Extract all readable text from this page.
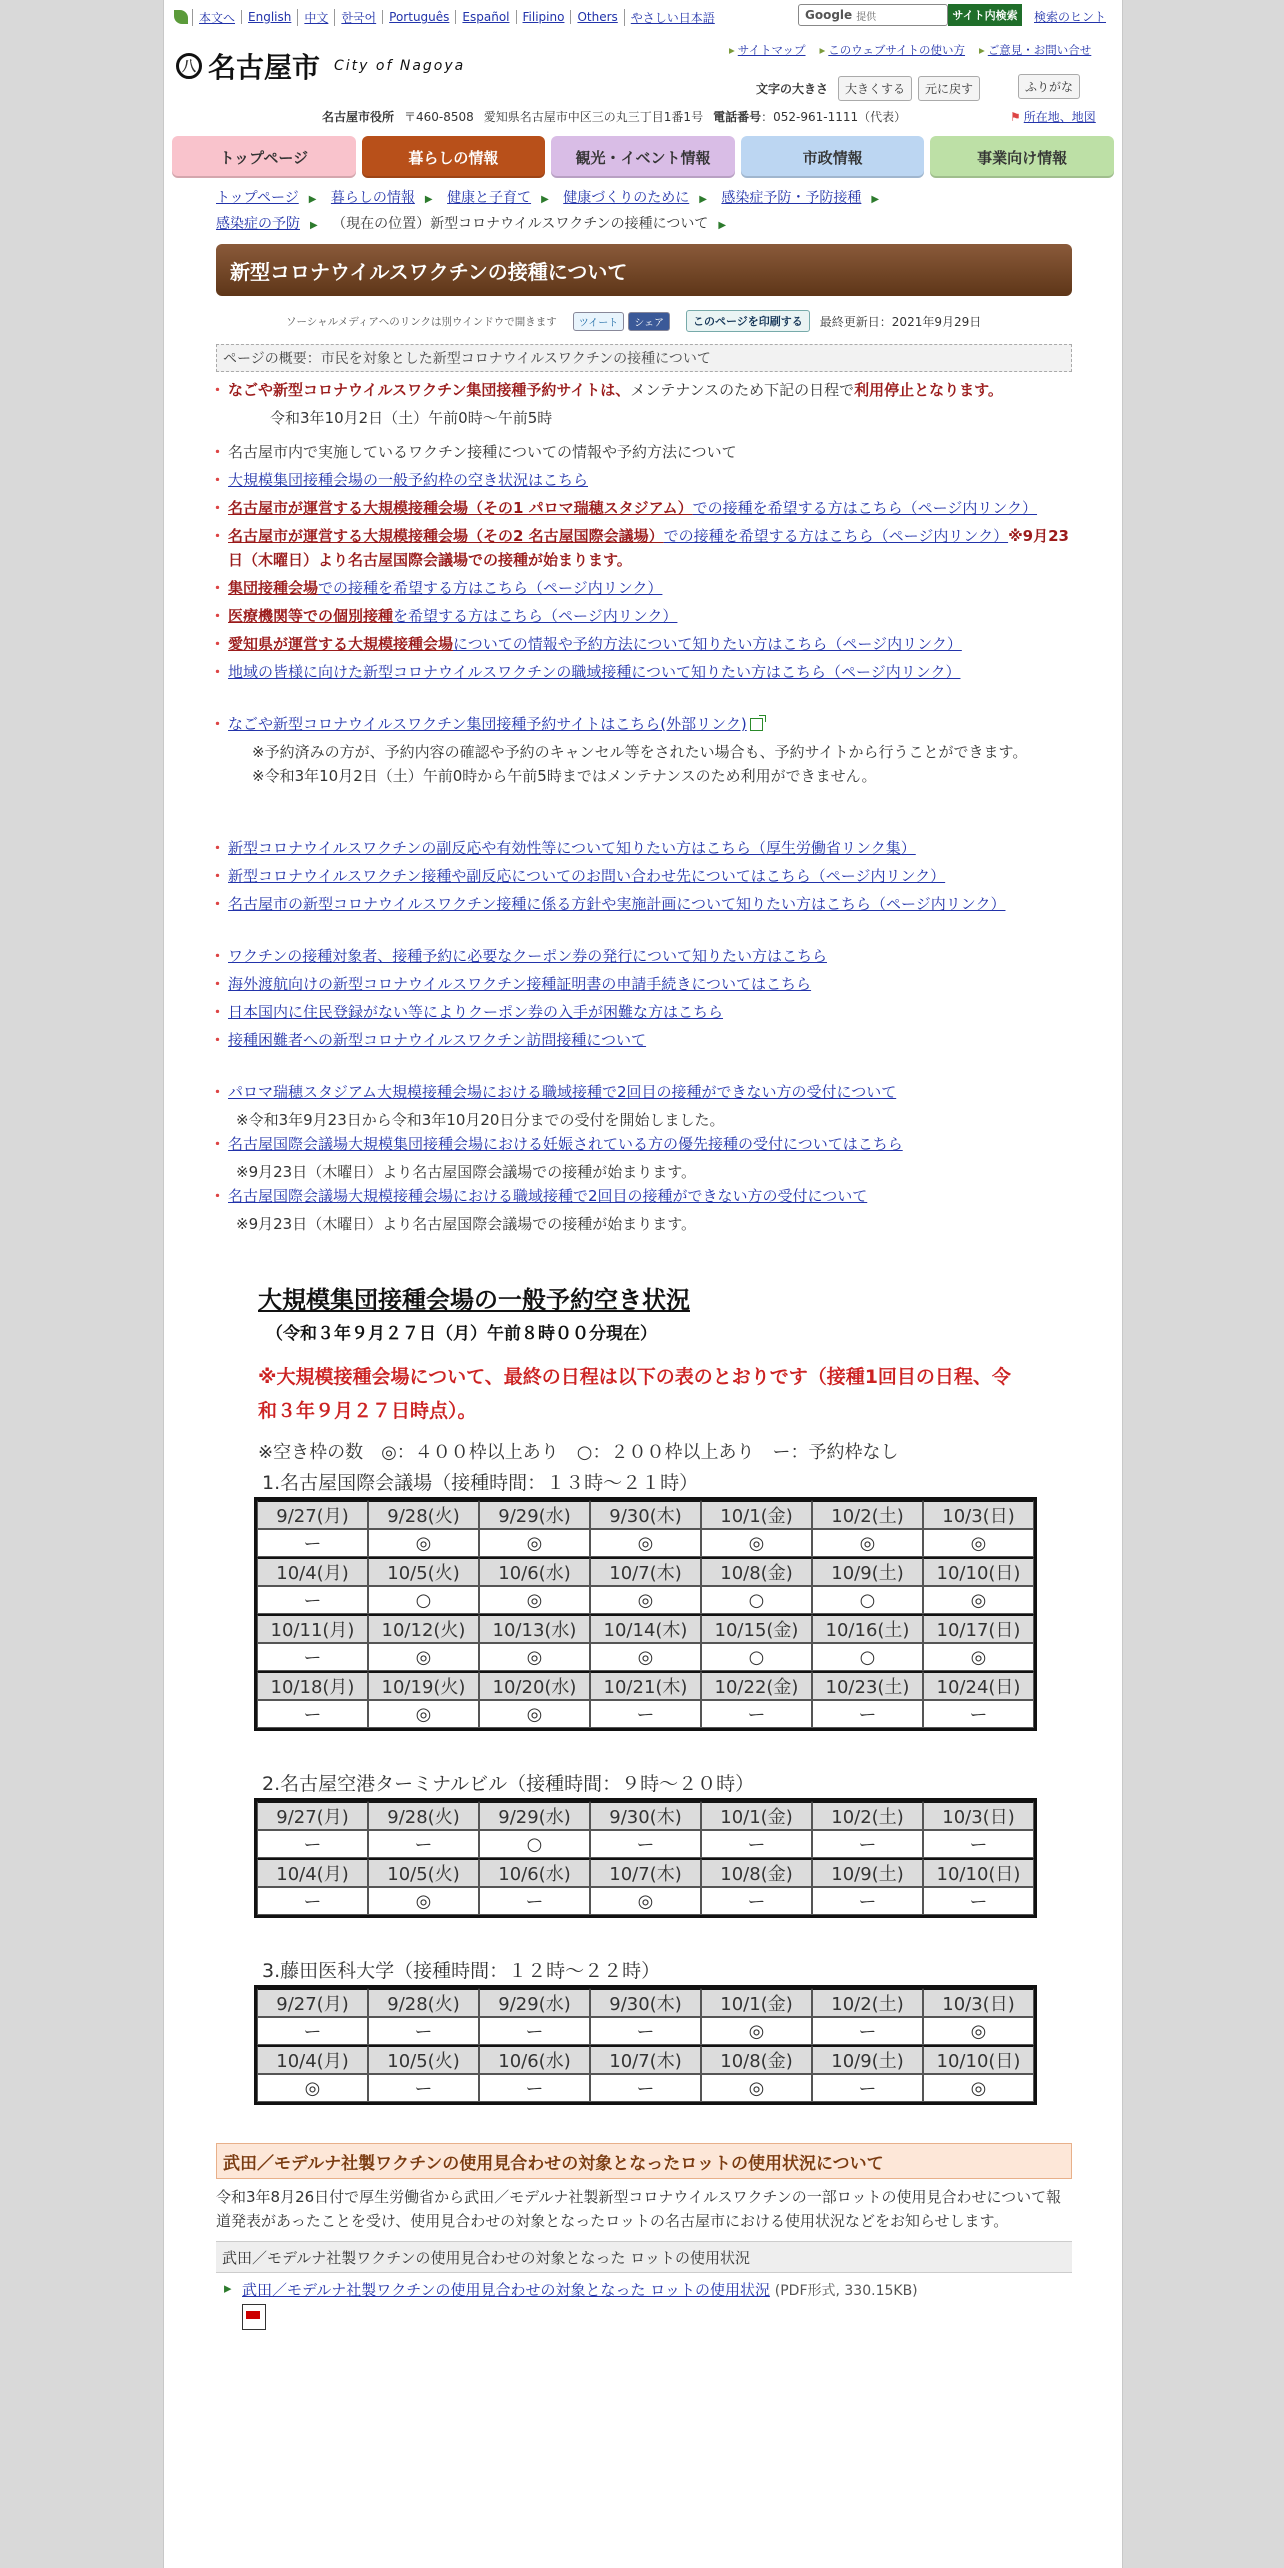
本文へ	English	中文	한국어	Português	Español	Filipino	Others	やさしい日本語	Google 提供	サイト内検索	検索のヒント
八 名古屋市 City of Nagoya
▸ サイトマップ	▸ このウェブサイトの使い方	▸ ご意見・お問い合せ
文字の大きさ	大きくする	元に戻す	ふりがな
名古屋市役所 〒460-8508 愛知県名古屋市中区三の丸三丁目1番1号 電話番号：052-961-1111（代表）	⚑ 所在地、地図
トップページ	暮らしの情報	観光・イベント情報	市政情報	事業向け情報
トップページ ▶ 暮らしの情報 ▶ 健康と子育て ▶ 健康づくりのために ▶ 感染症予防・予防接種 ▶
感染症の予防 ▶ （現在の位置）新型コロナウイルスワクチンの接種について ▶
新型コロナウイルスワクチンの接種について
ソーシャルメディアへのリンクは別ウインドウで開きます	ツイート	シェア	このページを印刷する	最終更新日：2021年9月29日
ページの概要：市民を対象とした新型コロナウイルスワクチンの接種について
・ なごや新型コロナウイルスワクチン集団接種予約サイトは、メンテナンスのため下記の日程で利用停止となります。
令和3年10月2日（土）午前0時～午前5時
・ 名古屋市内で実施しているワクチン接種についての情報や予約方法について
・ 大規模集団接種会場の一般予約枠の空き状況はこちら
・ 名古屋市が運営する大規模接種会場（その1 パロマ瑞穂スタジアム）での接種を希望する方はこちら（ページ内リンク）
・ 名古屋市が運営する大規模接種会場（その2 名古屋国際会議場）での接種を希望する方はこちら（ページ内リンク）※9月23日（木曜日）より名古屋国際会議場での接種が始まります。
・ 集団接種会場での接種を希望する方はこちら（ページ内リンク）
・ 医療機関等での個別接種を希望する方はこちら（ページ内リンク）
・ 愛知県が運営する大規模接種会場についての情報や予約方法について知りたい方はこちら（ページ内リンク）
・ 地域の皆様に向けた新型コロナウイルスワクチンの職域接種について知りたい方はこちら（ページ内リンク）
・ なごや新型コロナウイルスワクチン集団接種予約サイトはこちら(外部リンク)
※予約済みの方が、予約内容の確認や予約のキャンセル等をされたい場合も、予約サイトから行うことができます。
※令和3年10月2日（土）午前0時から午前5時まではメンテナンスのため利用ができません。
・ 新型コロナウイルスワクチンの副反応や有効性等について知りたい方はこちら（厚生労働省リンク集）
・ 新型コロナウイルスワクチン接種や副反応についてのお問い合わせ先についてはこちら（ページ内リンク）
・ 名古屋市の新型コロナウイルスワクチン接種に係る方針や実施計画について知りたい方はこちら（ページ内リンク）
・ ワクチンの接種対象者、接種予約に必要なクーポン券の発行について知りたい方はこちら
・ 海外渡航向けの新型コロナウイルスワクチン接種証明書の申請手続きについてはこちら
・ 日本国内に住民登録がない等によりクーポン券の入手が困難な方はこちら
・ 接種困難者への新型コロナウイルスワクチン訪問接種について
・ パロマ瑞穂スタジアム大規模接種会場における職域接種で2回目の接種ができない方の受付について
※令和3年9月23日から令和3年10月20日分までの受付を開始しました。
・ 名古屋国際会議場大規模集団接種会場における妊娠されている方の優先接種の受付についてはこちら
※9月23日（木曜日）より名古屋国際会議場での接種が始まります。
・ 名古屋国際会議場大規模接種会場における職域接種で2回目の接種ができない方の受付について
※9月23日（木曜日）より名古屋国際会議場での接種が始まります。
大規模集団接種会場の一般予約空き状況
（令和３年９月２７日（月）午前８時００分現在）
※大規模接種会場について、最終の日程は以下の表のとおりです（接種1回目の日程、令和３年９月２７日時点）。
※空き枠の数　◎：４００枠以上あり　○：２００枠以上あり　ー：予約枠なし
1.名古屋国際会議場（接種時間：１３時～２１時）
9/27(月)	9/28(火)	9/29(水)	9/30(木)	10/1(金)	10/2(土)	10/3(日)
ー	◎	◎	◎	◎	◎	◎
10/4(月)	10/5(火)	10/6(水)	10/7(木)	10/8(金)	10/9(土)	10/10(日)
ー	○	◎	◎	○	○	◎
10/11(月)	10/12(火)	10/13(水)	10/14(木)	10/15(金)	10/16(土)	10/17(日)
ー	◎	◎	◎	○	○	◎
10/18(月)	10/19(火)	10/20(水)	10/21(木)	10/22(金)	10/23(土)	10/24(日)
ー	◎	◎	ー	ー	ー	ー
2.名古屋空港ターミナルビル（接種時間：９時～２０時）
9/27(月)	9/28(火)	9/29(水)	9/30(木)	10/1(金)	10/2(土)	10/3(日)
ー	ー	○	ー	ー	ー	ー
10/4(月)	10/5(火)	10/6(水)	10/7(木)	10/8(金)	10/9(土)	10/10(日)
ー	◎	ー	◎	ー	ー	ー
3.藤田医科大学（接種時間：１２時～２２時）
9/27(月)	9/28(火)	9/29(水)	9/30(木)	10/1(金)	10/2(土)	10/3(日)
ー	ー	ー	ー	◎	ー	◎
10/4(月)	10/5(火)	10/6(水)	10/7(木)	10/8(金)	10/9(土)	10/10(日)
◎	ー	ー	ー	◎	ー	◎
武田／モデルナ社製ワクチンの使用見合わせの対象となったロットの使用状況について
令和3年8月26日付で厚生労働省から武田／モデルナ社製新型コロナウイルスワクチンの一部ロットの使用見合わせについて報道発表があったことを受け、使用見合わせの対象となったロットの名古屋市における使用状況などをお知らせします。
武田／モデルナ社製ワクチンの使用見合わせの対象となった ロットの使用状況
▸ 武田／モデルナ社製ワクチンの使用見合わせの対象となった ロットの使用状況 (PDF形式, 330.15KB)
